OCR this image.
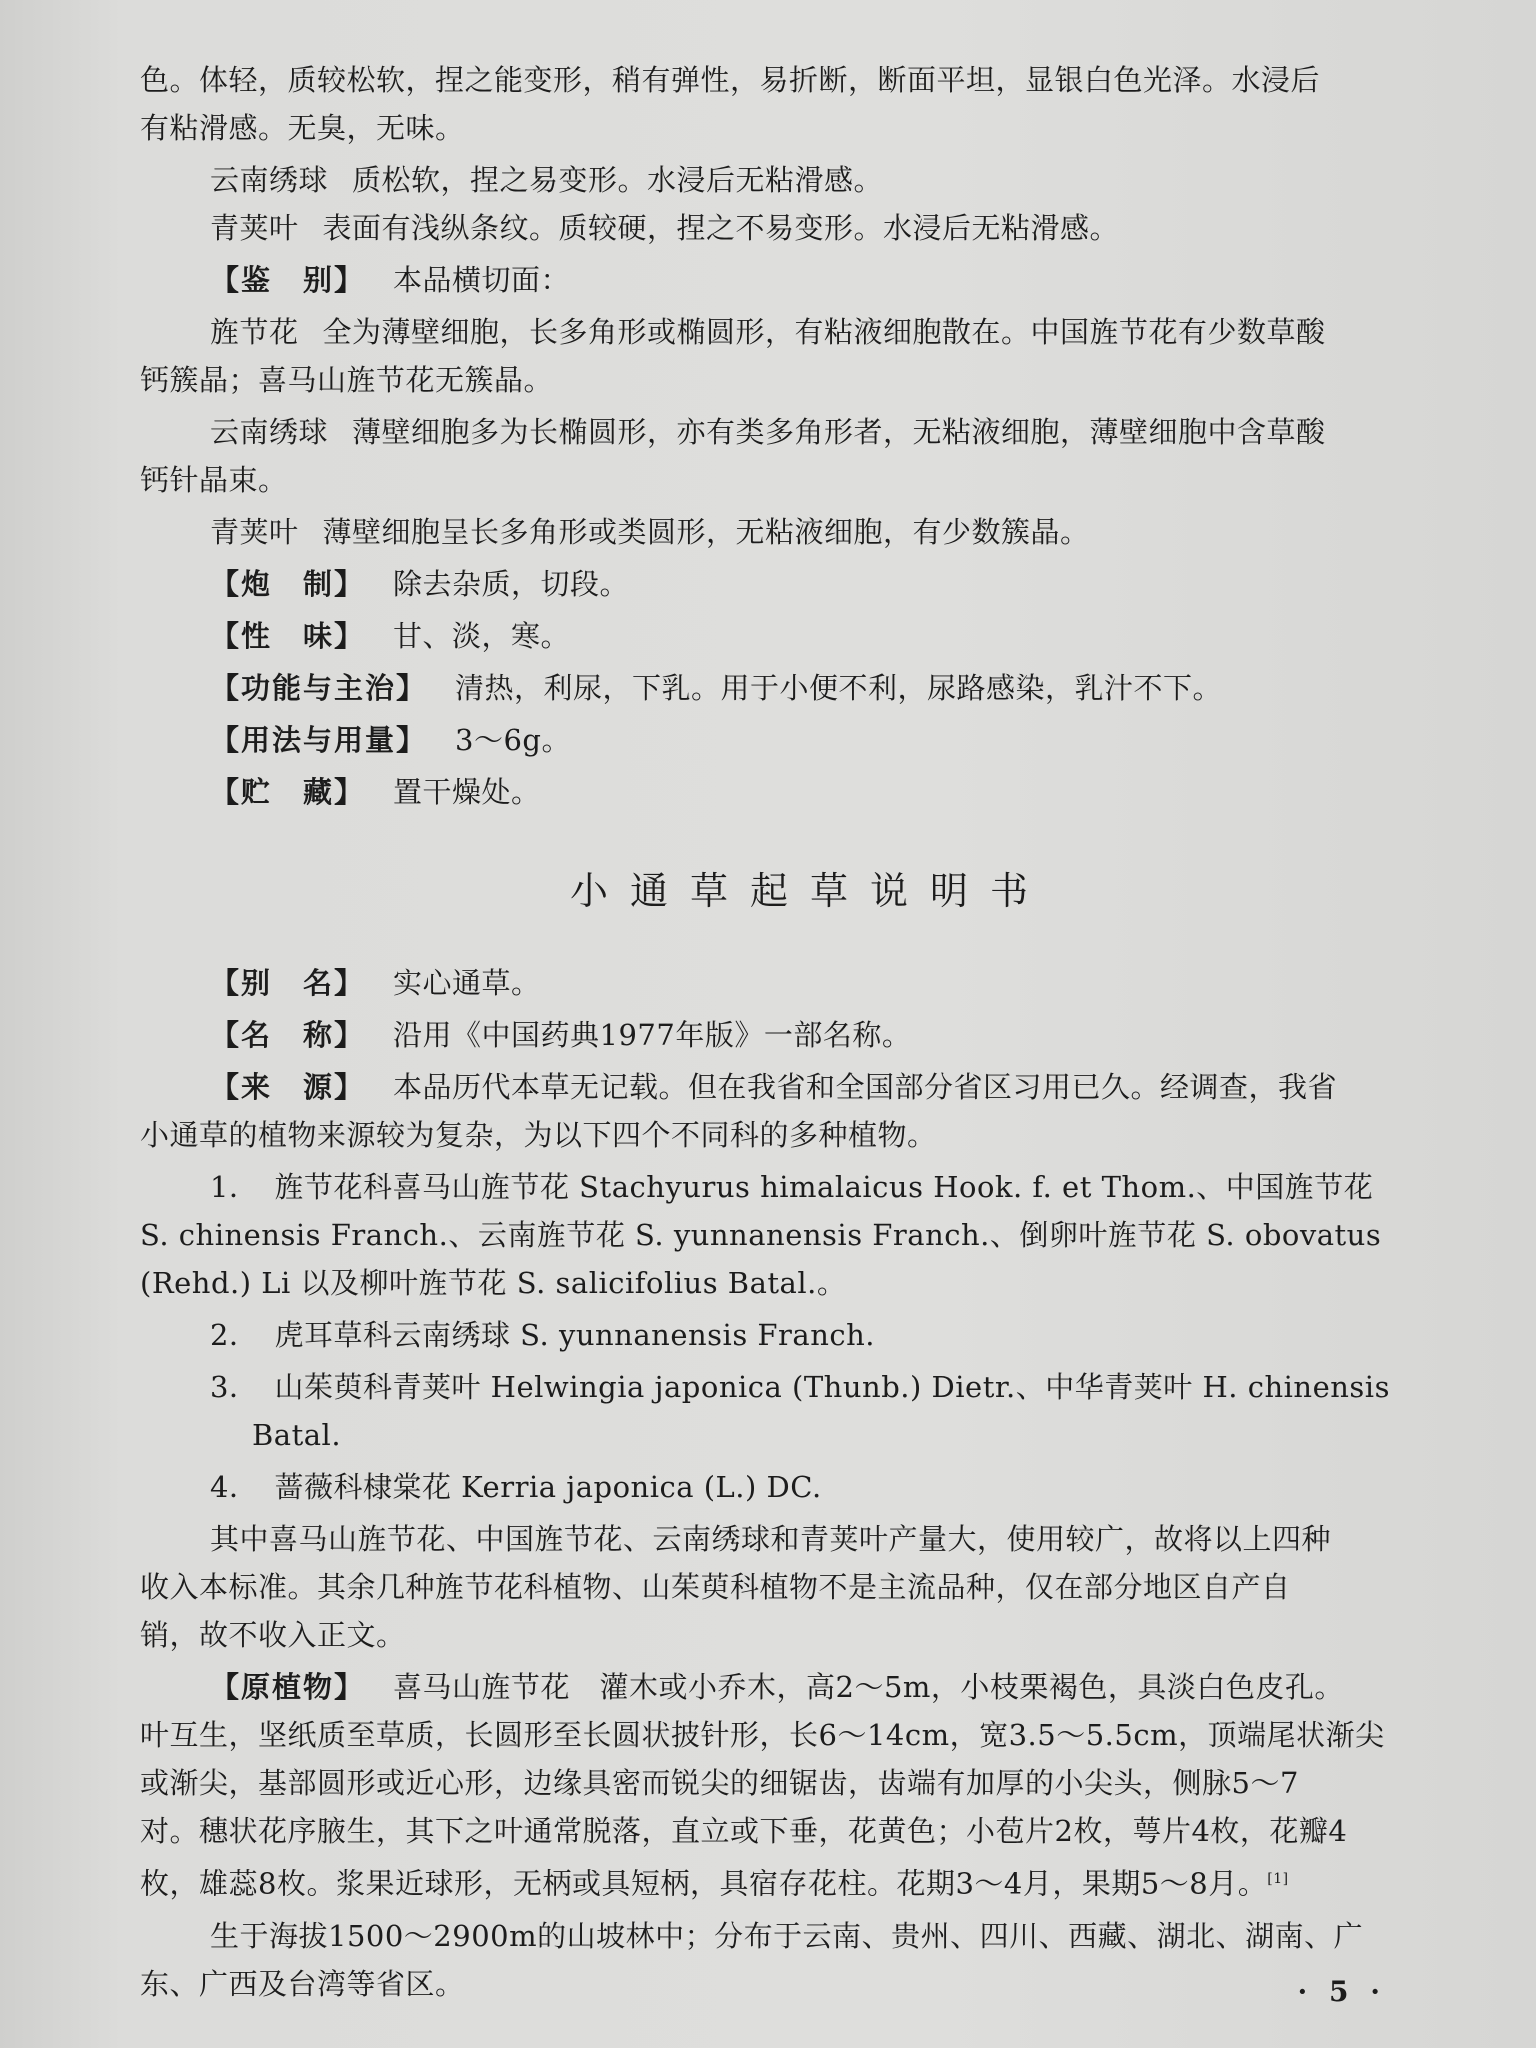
色。体轻，质较松软，捏之能变形，稍有弹性，易折断，断面平坦，显银白色光泽。水浸后
有粘滑感。无臭，无味。
云南绣球 质松软，捏之易变形。水浸后无粘滑感。
青荚叶 表面有浅纵条纹。质较硬，捏之不易变形。水浸后无粘滑感。
【鉴　别】 本品横切面：
旌节花 全为薄壁细胞，长多角形或椭圆形，有粘液细胞散在。中国旌节花有少数草酸
钙簇晶；喜马山旌节花无簇晶。
云南绣球 薄壁细胞多为长椭圆形，亦有类多角形者，无粘液细胞，薄壁细胞中含草酸
钙针晶束。
青荚叶 薄壁细胞呈长多角形或类圆形，无粘液细胞，有少数簇晶。
【炮　制】 除去杂质，切段。
【性　味】 甘、淡，寒。
【功能与主治】 清热，利尿，下乳。用于小便不利，尿路感染，乳汁不下。
【用法与用量】 3～6g。
【贮　藏】 置干燥处。
小通草起草说明书
【别　名】 实心通草。
【名　称】 沿用《中国药典1977年版》一部名称。
【来　源】 本品历代本草无记载。但在我省和全国部分省区习用已久。经调查，我省
小通草的植物来源较为复杂，为以下四个不同科的多种植物。
1． 旌节花科喜马山旌节花 Stachyurus himalaicus Hook. f. et Thom.、中国旌节花
S. chinensis Franch.、云南旌节花 S. yunnanensis Franch.、倒卵叶旌节花 S. obovatus
(Rehd.) Li 以及柳叶旌节花 S. salicifolius Batal.。
2． 虎耳草科云南绣球 S. yunnanensis Franch.
3． 山茱萸科青荚叶 Helwingia japonica (Thunb.) Dietr.、中华青荚叶 H. chinensis
Batal.
4． 蔷薇科棣棠花 Kerria japonica (L.) DC.
其中喜马山旌节花、中国旌节花、云南绣球和青荚叶产量大，使用较广，故将以上四种
收入本标准。其余几种旌节花科植物、山茱萸科植物不是主流品种，仅在部分地区自产自
销，故不收入正文。
【原植物】 喜马山旌节花　灌木或小乔木，高2～5m，小枝栗褐色，具淡白色皮孔。
叶互生，坚纸质至草质，长圆形至长圆状披针形，长6～14cm，宽3.5～5.5cm，顶端尾状渐尖
或渐尖，基部圆形或近心形，边缘具密而锐尖的细锯齿，齿端有加厚的小尖头，侧脉5～7
对。穗状花序腋生，其下之叶通常脱落，直立或下垂，花黄色；小苞片2枚，萼片4枚，花瓣4
枚，雄蕊8枚。浆果近球形，无柄或具短柄，具宿存花柱。花期3～4月，果期5～8月。[1]
生于海拔1500～2900m的山坡林中；分布于云南、贵州、四川、西藏、湖北、湖南、广
东、广西及台湾等省区。	· 5 ·
